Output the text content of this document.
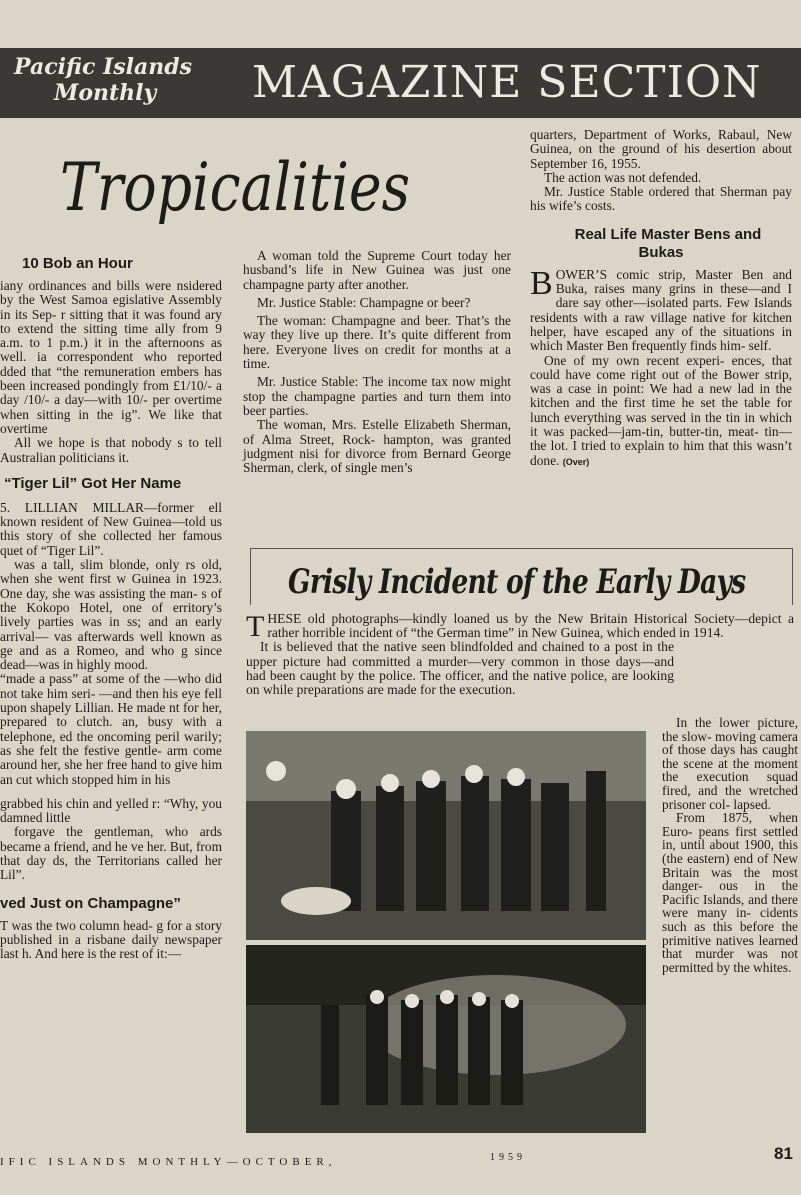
Pacific Islands
Monthly	MAGAZINE SECTION
Tropicalities

10 Bob an Hour

iany ordinances and bills were nsidered by the West Samoa egislative Assembly in its Sep- r sitting that it was found ary to extend the sitting time ally from 9 a.m. to 1 p.m.) it in the afternoons as well. ia correspondent who reported dded that “the remuneration embers has been increased pondingly from £1/10/- a day /10/- a day—with 10/- per overtime when sitting in the ig”. We like that overtime

All we hope is that nobody s to tell Australian politicians it.

“Tiger Lil” Got Her Name

5. LILLIAN MILLAR—former ell known resident of New Guinea—told us this story of she collected her famous quet of “Tiger Lil”.

was a tall, slim blonde, only rs old, when she went first w Guinea in 1923. One day, she was assisting the man- s of the Kokopo Hotel, one of erritory’s lively parties was in ss; and an early arrival— vas afterwards well known as ge and as a Romeo, and who g since dead—was in highly mood.

“made a pass” at some of the —who did not take him seri- —and then his eye fell upon shapely Lillian. He made nt for her, prepared to clutch. an, busy with a telephone, ed the oncoming peril warily; as she felt the festive gentle- arm come around her, she her free hand to give him an cut which stopped him in his

grabbed his chin and yelled r: “Why, you damned little

forgave the gentleman, who ards became a friend, and he ve her. But, from that day ds, the Territorians called her Lil”.

ved Just on Champagne”

T was the two column head- g for a story published in a risbane daily newspaper last h. And here is the rest of it:—

A woman told the Supreme Court today her husband’s life in New Guinea was just one champagne party after another.

Mr. Justice Stable: Champagne or beer?

The woman: Champagne and beer. That’s the way they live up there. It’s quite different from here. Everyone lives on credit for months at a time.

Mr. Justice Stable: The income tax now might stop the champagne parties and turn them into beer parties.

The woman, Mrs. Estelle Elizabeth Sherman, of Alma Street, Rock- hampton, was granted judgment nisi for divorce from Bernard George Sherman, clerk, of single men’s

quarters, Department of Works, Rabaul, New Guinea, on the ground of his desertion about September 16, 1955.

The action was not defended.

Mr. Justice Stable ordered that Sherman pay his wife’s costs.

Real Life Master Bens and Bukas

BOWER’S comic strip, Master Ben and Buka, raises many grins in these—and I dare say other—isolated parts. Few Islands residents with a raw village native for kitchen helper, have escaped any of the situations in which Master Ben frequently finds him- self.

One of my own recent experi- ences, that could have come right out of the Bower strip, was a case in point: We had a new lad in the kitchen and the first time he set the table for lunch everything was served in the tin in which it was packed—jam-tin, butter-tin, meat- tin—the lot. I tried to explain to him that this wasn’t done. (Over)

Grisly Incident of the Early Days

THESE old photographs—kindly loaned us by the New Britain Historical Society—depict a rather horrible incident of “the German time” in New Guinea, which ended in 1914.

It is believed that the native seen blindfolded and chained to a post in the upper picture had committed a murder—very common in those days—and had been caught by the police. The officer, and the native police, are looking on while preparations are made for the execution.

In the lower picture, the slow- moving camera of those days has caught the scene at the moment the execution squad fired, and the wretched prisoner col- lapsed.

From 1875, when Euro- peans first settled in, until about 1900, this (the eastern) end of New Britain was the most danger- ous in the Pacific Islands, and there were many in- cidents such as this before the primitive natives learned that murder was not permitted by the whites.

IFIC ISLANDS MONTHLY—OCTOBER,	1959	81
